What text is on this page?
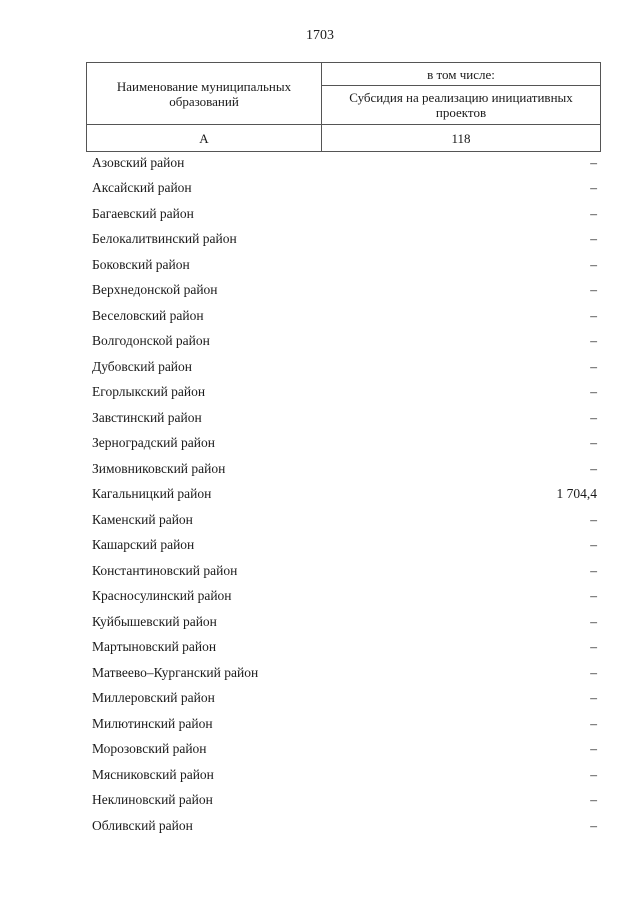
1703
Наименование муниципальных образований	в том числе:
	Субсидия на реализацию инициативных проектов
А	118
Азовский район	–
Аксайский район	–
Багаевский район	–
Белокалитвинский район	–
Боковский район	–
Верхнедонской район	–
Веселовский район	–
Волгодонской район	–
Дубовский район	–
Егорлыкский район	–
Завстинский район	–
Зерноградский район	–
Зимовниковский район	–
Кагальницкий район	1 704,4
Каменский район	–
Кашарский район	–
Константиновский район	–
Красносулинский район	–
Куйбышевский район	–
Мартыновский район	–
Матвеево–Курганский район	–
Миллеровский район	–
Милютинский район	–
Морозовский район	–
Мясниковский район	–
Неклиновский район	–
Обливский район	–
